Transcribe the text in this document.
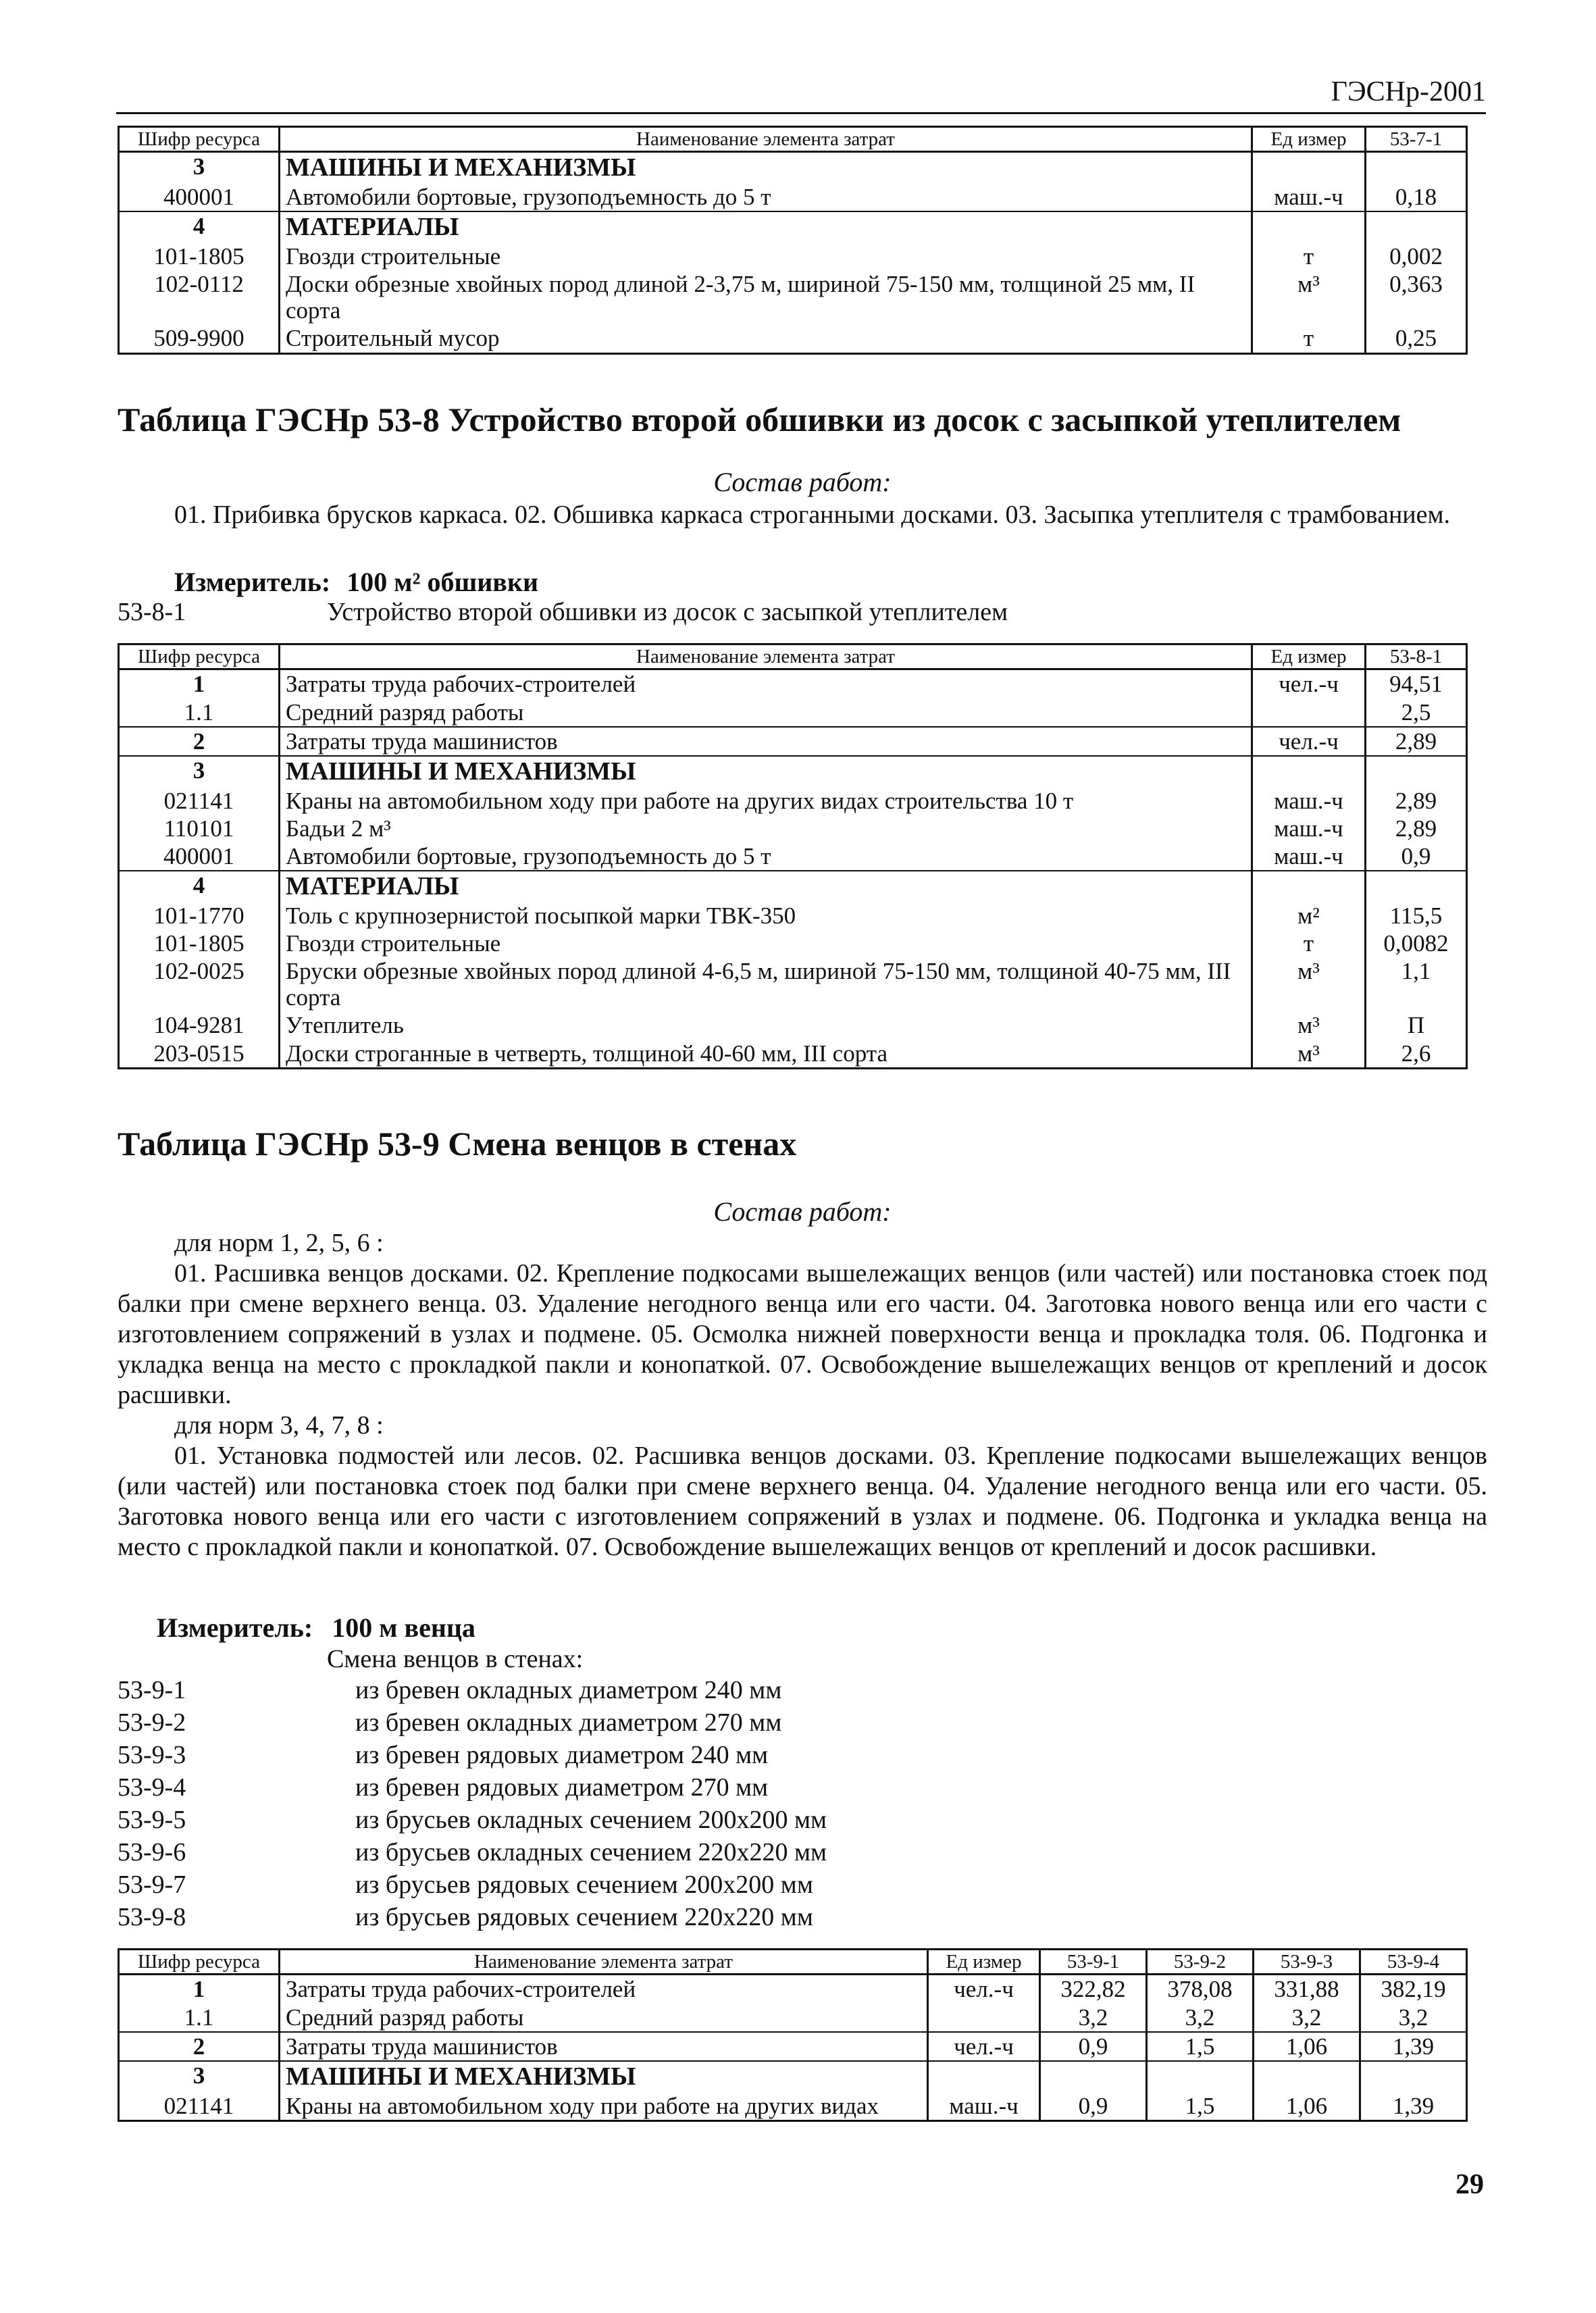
ГЭСНр-2001
Шифр ресурса	Наименование элемента затрат	Ед измер	53-7-1
3	МАШИНЫ И МЕХАНИЗМЫ		
400001	Автомобили бортовые, грузоподъемность до 5 т	маш.-ч	0,18
4	МАТЕРИАЛЫ		
101-1805	Гвозди строительные	т	0,002
102-0112	Доски обрезные хвойных пород длиной 2-3,75 м, шириной 75-150 мм, толщиной 25 мм, II сорта	м³	0,363
509-9900	Строительный мусор	т	0,25
Таблица ГЭСНр 53-8 Устройство второй обшивки из досок с засыпкой утеплителем
Состав работ:

01. Прибивка брусков каркаса. 02. Обшивка каркаса строганными досками. 03. Засыпка утеплителя с трамбованием.

Измеритель: 100 м² обшивки
53-8-1	Устройство второй обшивки из досок с засыпкой утеплителем
Шифр ресурса	Наименование элемента затрат	Ед измер	53-8-1
1	Затраты труда рабочих-строителей	чел.-ч	94,51
1.1	Средний разряд работы		2,5
2	Затраты труда машинистов	чел.-ч	2,89
3	МАШИНЫ И МЕХАНИЗМЫ		
021141	Краны на автомобильном ходу при работе на других видах строительства 10 т	маш.-ч	2,89
110101	Бадьи 2 м³	маш.-ч	2,89
400001	Автомобили бортовые, грузоподъемность до 5 т	маш.-ч	0,9
4	МАТЕРИАЛЫ		
101-1770	Толь с крупнозернистой посыпкой марки ТВК-350	м²	115,5
101-1805	Гвозди строительные	т	0,0082
102-0025	Бруски обрезные хвойных пород длиной 4-6,5 м, шириной 75-150 мм, толщиной 40-75 мм, III сорта	м³	1,1
104-9281	Утеплитель	м³	П
203-0515	Доски строганные в четверть, толщиной 40-60 мм, III сорта	м³	2,6
Таблица ГЭСНр 53-9 Смена венцов в стенах
Состав работ:

для норм 1, 2, 5, 6 :

01. Расшивка венцов досками. 02. Крепление подкосами вышележащих венцов (или частей) или постановка стоек под балки при смене верхнего венца. 03. Удаление негодного венца или его части. 04. Заготовка нового венца или его части с изготовлением сопряжений в узлах и подмене. 05. Осмолка нижней поверхности венца и прокладка толя. 06. Подгонка и укладка венца на место с прокладкой пакли и конопаткой. 07. Освобождение вышележащих венцов от креплений и досок расшивки.

для норм 3, 4, 7, 8 :

01. Установка подмостей или лесов. 02. Расшивка венцов досками. 03. Крепление подкосами вышележащих венцов (или частей) или постановка стоек под балки при смене верхнего венца. 04. Удаление негодного венца или его части. 05. Заготовка нового венца или его части с изготовлением сопряжений в узлах и подмене. 06. Подгонка и укладка венца на место с прокладкой пакли и конопаткой. 07. Освобождение вышележащих венцов от креплений и досок расшивки.

Измеритель: 100 м венца
Смена венцов в стенах:
53-9-1	из бревен окладных диаметром 240 мм
53-9-2	из бревен окладных диаметром 270 мм
53-9-3	из бревен рядовых диаметром 240 мм
53-9-4	из бревен рядовых диаметром 270 мм
53-9-5	из брусьев окладных сечением 200х200 мм
53-9-6	из брусьев окладных сечением 220х220 мм
53-9-7	из брусьев рядовых сечением 200х200 мм
53-9-8	из брусьев рядовых сечением 220х220 мм
Шифр ресурса	Наименование элемента затрат	Ед измер	53-9-1	53-9-2	53-9-3	53-9-4
1	Затраты труда рабочих-строителей	чел.-ч	322,82	378,08	331,88	382,19
1.1	Средний разряд работы		3,2	3,2	3,2	3,2
2	Затраты труда машинистов	чел.-ч	0,9	1,5	1,06	1,39
3	МАШИНЫ И МЕХАНИЗМЫ					
021141	Краны на автомобильном ходу при работе на других видах	маш.-ч	0,9	1,5	1,06	1,39
29
